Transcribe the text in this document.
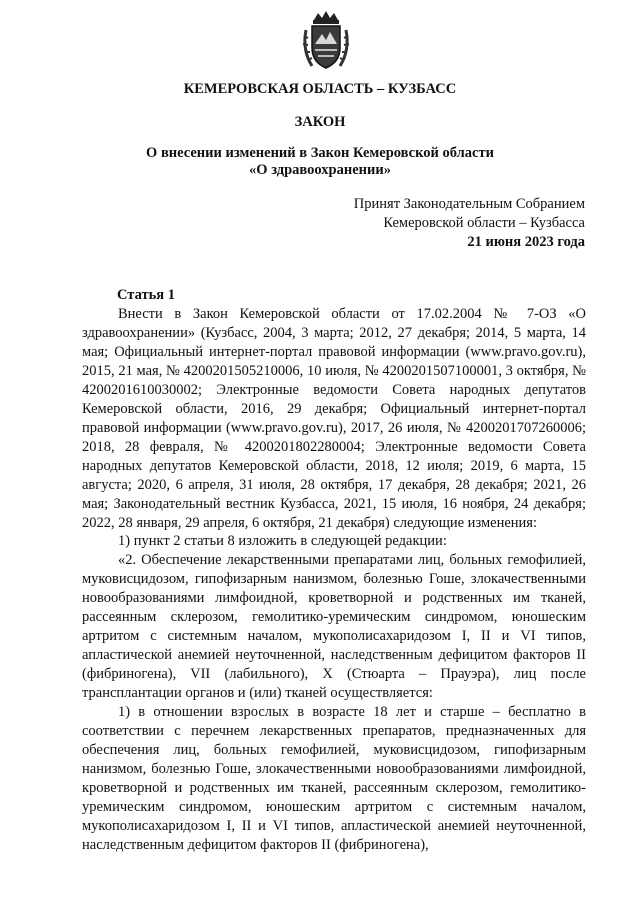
КЕМЕРОВСКАЯ ОБЛАСТЬ – КУЗБАСС
ЗАКОН
О внесении изменений в Закон Кемеровской области
«О здравоохранении»
Принят Законодательным Собранием
Кемеровской области – Кузбасса
21 июня 2023 года
Статья 1
Внести в Закон Кемеровской области от 17.02.2004 № 7-ОЗ «О здравоохранении» (Кузбасс, 2004, 3 марта; 2012, 27 декабря; 2014, 5 марта, 14 мая; Официальный интернет-портал правовой информации (www.pravo.gov.ru), 2015, 21 мая, № 4200201505210006, 10 июля, № 4200201507100001, 3 октября, № 4200201610030002; Электронные ведомости Совета народных депутатов Кемеровской области, 2016, 29 декабря; Официальный интернет-портал правовой информации (www.pravo.gov.ru), 2017, 26 июля, № 4200201707260006; 2018, 28 февраля, № 4200201802280004; Электронные ведомости Совета народных депутатов Кемеровской области, 2018, 12 июля; 2019, 6 марта, 15 августа; 2020, 6 апреля, 31 июля, 28 октября, 17 декабря, 28 декабря; 2021, 26 мая; Законодательный вестник Кузбасса, 2021, 15 июля, 16 ноября, 24 декабря; 2022, 28 января, 29 апреля, 6 октября, 21 декабря) следующие изменения:
1) пункт 2 статьи 8 изложить в следующей редакции:
«2. Обеспечение лекарственными препаратами лиц, больных гемофилией, муковисцидозом, гипофизарным нанизмом, болезнью Гоше, злокачественными новообразованиями лимфоидной, кроветворной и родственных им тканей, рассеянным склерозом, гемолитико-уремическим синдромом, юношеским артритом с системным началом, мукополисахаридозом I, II и VI типов, апластической анемией неуточненной, наследственным дефицитом факторов II (фибриногена), VII (лабильного), X (Стюарта – Прауэра), лиц после трансплантации органов и (или) тканей осуществляется:
1) в отношении взрослых в возрасте 18 лет и старше – бесплатно в соответствии с перечнем лекарственных препаратов, предназначенных для обеспечения лиц, больных гемофилией, муковисцидозом, гипофизарным нанизмом, болезнью Гоше, злокачественными новообразованиями лимфоидной, кроветворной и родственных им тканей, рассеянным склерозом, гемолитико-уремическим синдромом, юношеским артритом с системным началом, мукополисахаридозом I, II и VI типов, апластической анемией неуточненной, наследственным дефицитом факторов II (фибриногена),
